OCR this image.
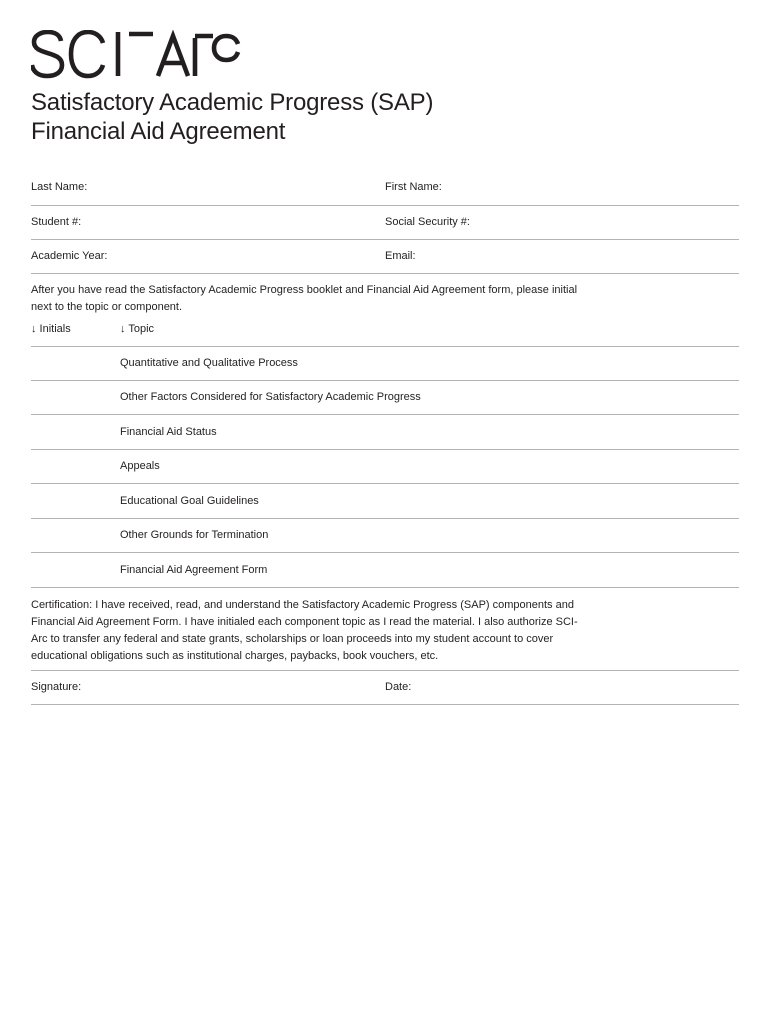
Satisfactory Academic Progress (SAP)
Financial Aid Agreement
Last Name:	First Name:
Student #:	Social Security #:
Academic Year:	Email:
After you have read the Satisfactory Academic Progress booklet and Financial Aid Agreement form, please initial next to the topic or component.
↓ Initials	↓ Topic
Quantitative and Qualitative Process
Other Factors Considered for Satisfactory Academic Progress
Financial Aid Status
Appeals
Educational Goal Guidelines
Other Grounds for Termination
Financial Aid Agreement Form
Certification: I have received, read, and understand the Satisfactory Academic Progress (SAP) components and Financial Aid Agreement Form. I have initialed each component topic as I read the material. I also authorize SCI-Arc to transfer any federal and state grants, scholarships or loan proceeds into my student account to cover educational obligations such as institutional charges, paybacks, book vouchers, etc.
Signature:	Date:
